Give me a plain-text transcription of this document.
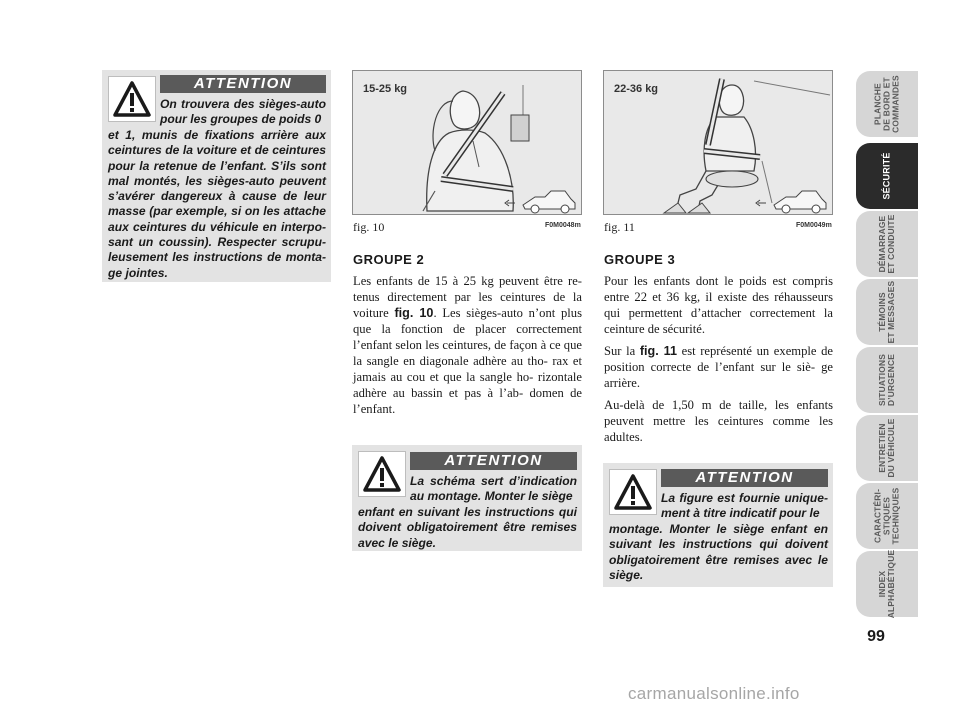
ATTENTION
On trouvera des sièges-auto pour les groupes de poids 0
et 1, munis de fixations arrière aux ceintures de la voiture et de ceintures pour la retenue de l’enfant. S’ils sont mal montés, les sièges-auto peuvent s’avérer dangereux à cause de leur masse (par exemple, si on les attache aux ceintures du véhicule en interpo- sant un coussin). Respecter scrupu- leusement les instructions de monta- ge jointes.
15-25 kg
fig. 10	F0M0048m
22-36 kg
fig. 11	F0M0049m
GROUPE 2

Les enfants de 15 à 25 kg peuvent être re- tenus directement par les ceintures de la voiture fig. 10. Les sièges-auto n’ont plus que la fonction de placer correctement l’enfant selon les ceintures, de façon à ce que la sangle en diagonale adhère au tho- rax et jamais au cou et que la sangle ho- rizontale adhère au bassin et pas à l’ab- domen de l’enfant.

GROUPE 3

Pour les enfants dont le poids est compris entre 22 et 36 kg, il existe des réhausseurs qui permettent d’attacher correctement la ceinture de sécurité.

Sur la fig. 11 est représenté un exemple de position correcte de l’enfant sur le siè- ge arrière.

Au-delà de 1,50 m de taille, les enfants peuvent mettre les ceintures comme les adultes.

ATTENTION
La schéma sert d’indication au montage. Monter le siège
enfant en suivant les instructions qui doivent obligatoirement être remises avec le siège.
ATTENTION
La figure est fournie unique- ment à titre indicatif pour le
montage. Monter le siège enfant en suivant les instructions qui doivent obligatoirement être remises avec le siège.
PLANCHE
DE BORD ET
COMMANDES
SÉCURITÉ
DÉMARRAGE
ET CONDUITE
TÉMOINS
ET MESSAGES
SITUATIONS
D’URGENCE
ENTRETIEN
DU VÉHICULE
CARACTÉRI-
STIQUES
TECHNIQUES
INDEX
ALPHABÉTIQUE
99
carmanualsonline.info
